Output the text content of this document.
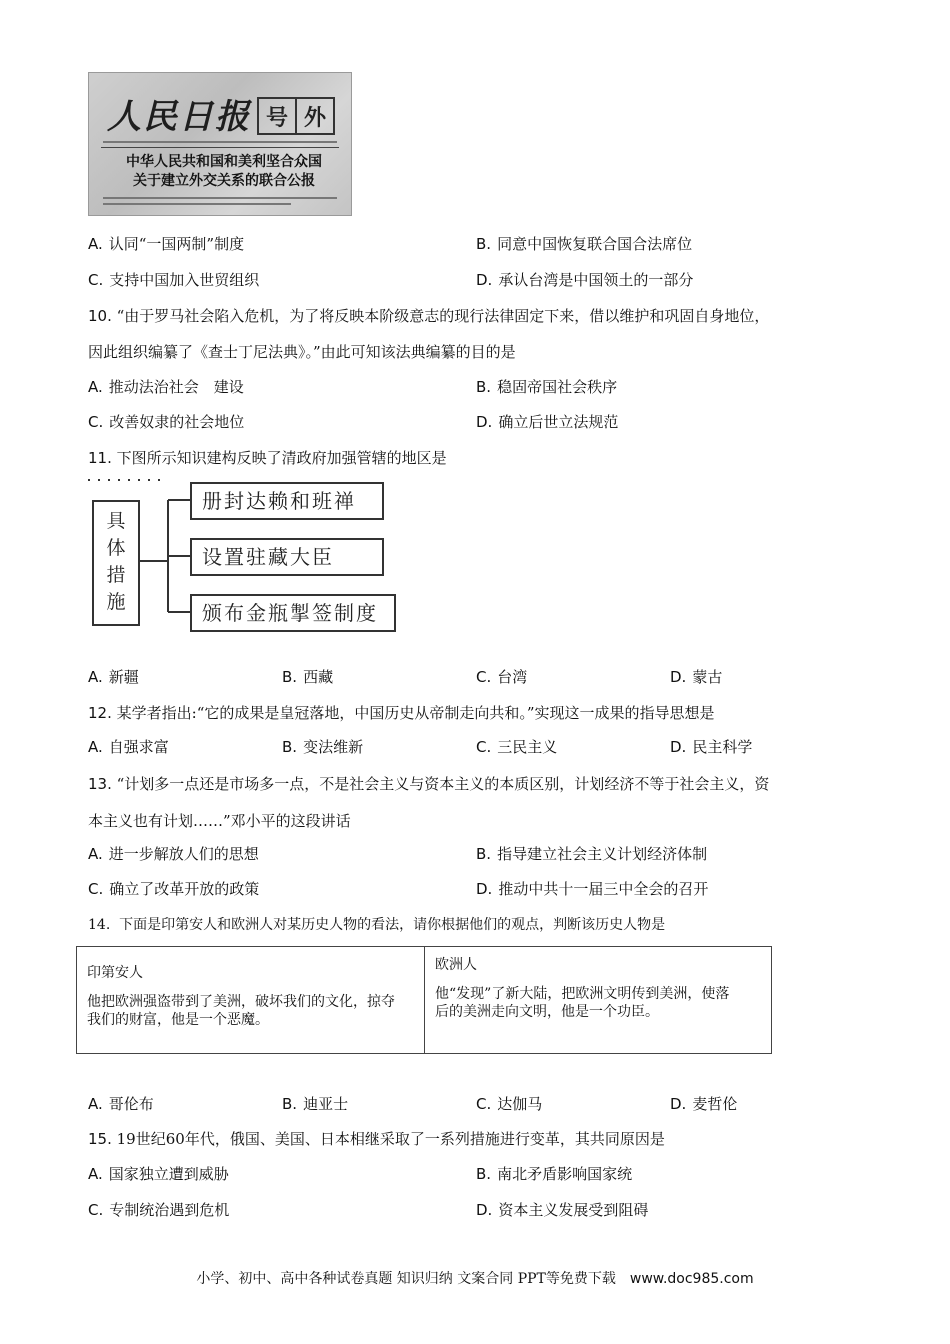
人民日报 号 外
中华人民共和国和美利坚合众国
关于建立外交关系的联合公报
A. 认同“一国两制”制度	B. 同意中国恢复联合国合法席位
C. 支持中国加入世贸组织	D. 承认台湾是中国领土的一部分
10. “由于罗马社会陷入危机，为了将反映本阶级意志的现行法律固定下来，借以维护和巩固自身地位，
因此组织编纂了《查士丁尼法典》。”由此可知该法典编纂的目的是
A. 推动法治社会　建设	B. 稳固帝国社会秩序
C. 改善奴隶的社会地位	D. 确立后世立法规范
11. 下图所示知识建构反映了清政府加强管辖的地区是
具
体
措
施
册封达赖和班禅
设置驻藏大臣
颁布金瓶掣签制度
A. 新疆	B. 西藏	C. 台湾	D. 蒙古
12. 某学者指出:“它的成果是皇冠落地，中国历史从帝制走向共和。”实现这一成果的指导思想是
A. 自强求富	B. 变法维新	C. 三民主义	D. 民主科学
13. “计划多一点还是市场多一点，不是社会主义与资本主义的本质区别，计划经济不等于社会主义，资
本主义也有计划……”邓小平的这段讲话
A. 进一步解放人们的思想	B. 指导建立社会主义计划经济体制
C. 确立了改革开放的政策	D. 推动中共十一届三中全会的召开
14. 下面是印第安人和欧洲人对某历史人物的看法，请你根据他们的观点，判断该历史人物是
印第安人
他把欧洲强盗带到了美洲，破坏我们的文化，掠夺我们的财富，他是一个恶魔。
欧洲人
他“发现”了新大陆，把欧洲文明传到美洲，使落后的美洲走向文明，他是一个功臣。
A. 哥伦布	B. 迪亚士	C. 达伽马	D. 麦哲伦
15. 19世纪60年代，俄国、美国、日本相继采取了一系列措施进行变革，其共同原因是
A. 国家独立遭到威胁	B. 南北矛盾影响国家统
C. 专制统治遇到危机	D. 资本主义发展受到阻碍
小学、初中、高中各种试卷真题 知识归纳 文案合同 PPT等免费下载 www.doc985.com
